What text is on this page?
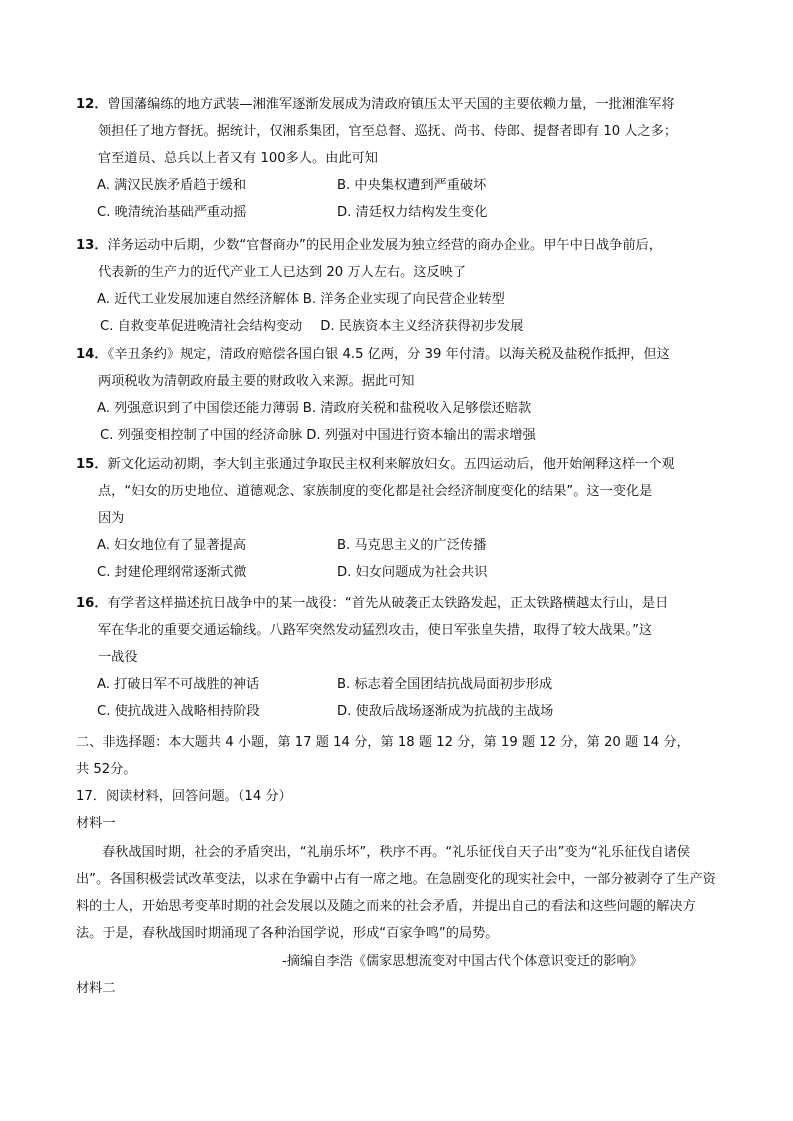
12．曾国藩编练的地方武装—湘淮军逐渐发展成为清政府镇压太平天国的主要依赖力量，一批湘淮军将
领担任了地方督抚。据统计，仅湘系集团，官至总督、巡抚、尚书、侍郎、提督者即有 10 人之多；
官至道员、总兵以上者又有 100多人。由此可知
A. 满汉民族矛盾趋于缓和	B. 中央集权遭到严重破坏
C. 晚清统治基础严重动摇	D. 清廷权力结构发生变化
13．洋务运动中后期，少数“官督商办”的民用企业发展为独立经营的商办企业。甲午中日战争前后，
代表新的生产力的近代产业工人已达到 20 万人左右。这反映了
A. 近代工业发展加速自然经济解体 B. 洋务企业实现了向民营企业转型
C. 自救变革促进晚清社会结构变动 D. 民族资本主义经济获得初步发展
14．《辛丑条约》规定，清政府赔偿各国白银 4.5 亿两，分 39 年付清。以海关税及盐税作抵押，但这
两项税收为清朝政府最主要的财政收入来源。据此可知
A. 列强意识到了中国偿还能力薄弱 B. 清政府关税和盐税收入足够偿还赔款
C. 列强变相控制了中国的经济命脉 D. 列强对中国进行资本输出的需求增强
15．新文化运动初期，李大钊主张通过争取民主权利来解放妇女。五四运动后，他开始阐释这样一个观
点，“妇女的历史地位、道德观念、家族制度的变化都是社会经济制度变化的结果”。这一变化是
因为
A. 妇女地位有了显著提高	B. 马克思主义的广泛传播
C. 封建伦理纲常逐渐式微	D. 妇女问题成为社会共识
16．有学者这样描述抗日战争中的某一战役：“首先从破袭正太铁路发起，正太铁路横越太行山，是日
军在华北的重要交通运输线。八路军突然发动猛烈攻击，使日军张皇失措，取得了较大战果。”这
一战役
A. 打破日军不可战胜的神话	B. 标志着全国团结抗战局面初步形成
C. 使抗战进入战略相持阶段	D. 使敌后战场逐渐成为抗战的主战场
二、非选择题：本大题共 4 小题，第 17 题 14 分，第 18 题 12 分，第 19 题 12 分，第 20 题 14 分，
共 52分。
17．阅读材料，回答问题。（14 分）
材料一

春秋战国时期，社会的矛盾突出，“礼崩乐坏”，秩序不再。“礼乐征伐自天子出”变为“礼乐征伐自诸侯出”。各国积极尝试改革变法，以求在争霸中占有一席之地。在急剧变化的现实社会中，一部分被剥夺了生产资料的士人，开始思考变革时期的社会发展以及随之而来的社会矛盾，并提出自己的看法和这些问题的解决方法。于是，春秋战国时期涌现了各种治国学说，形成“百家争鸣”的局势。

-摘编自李浩《儒家思想流变对中国古代个体意识变迁的影响》
材料二
